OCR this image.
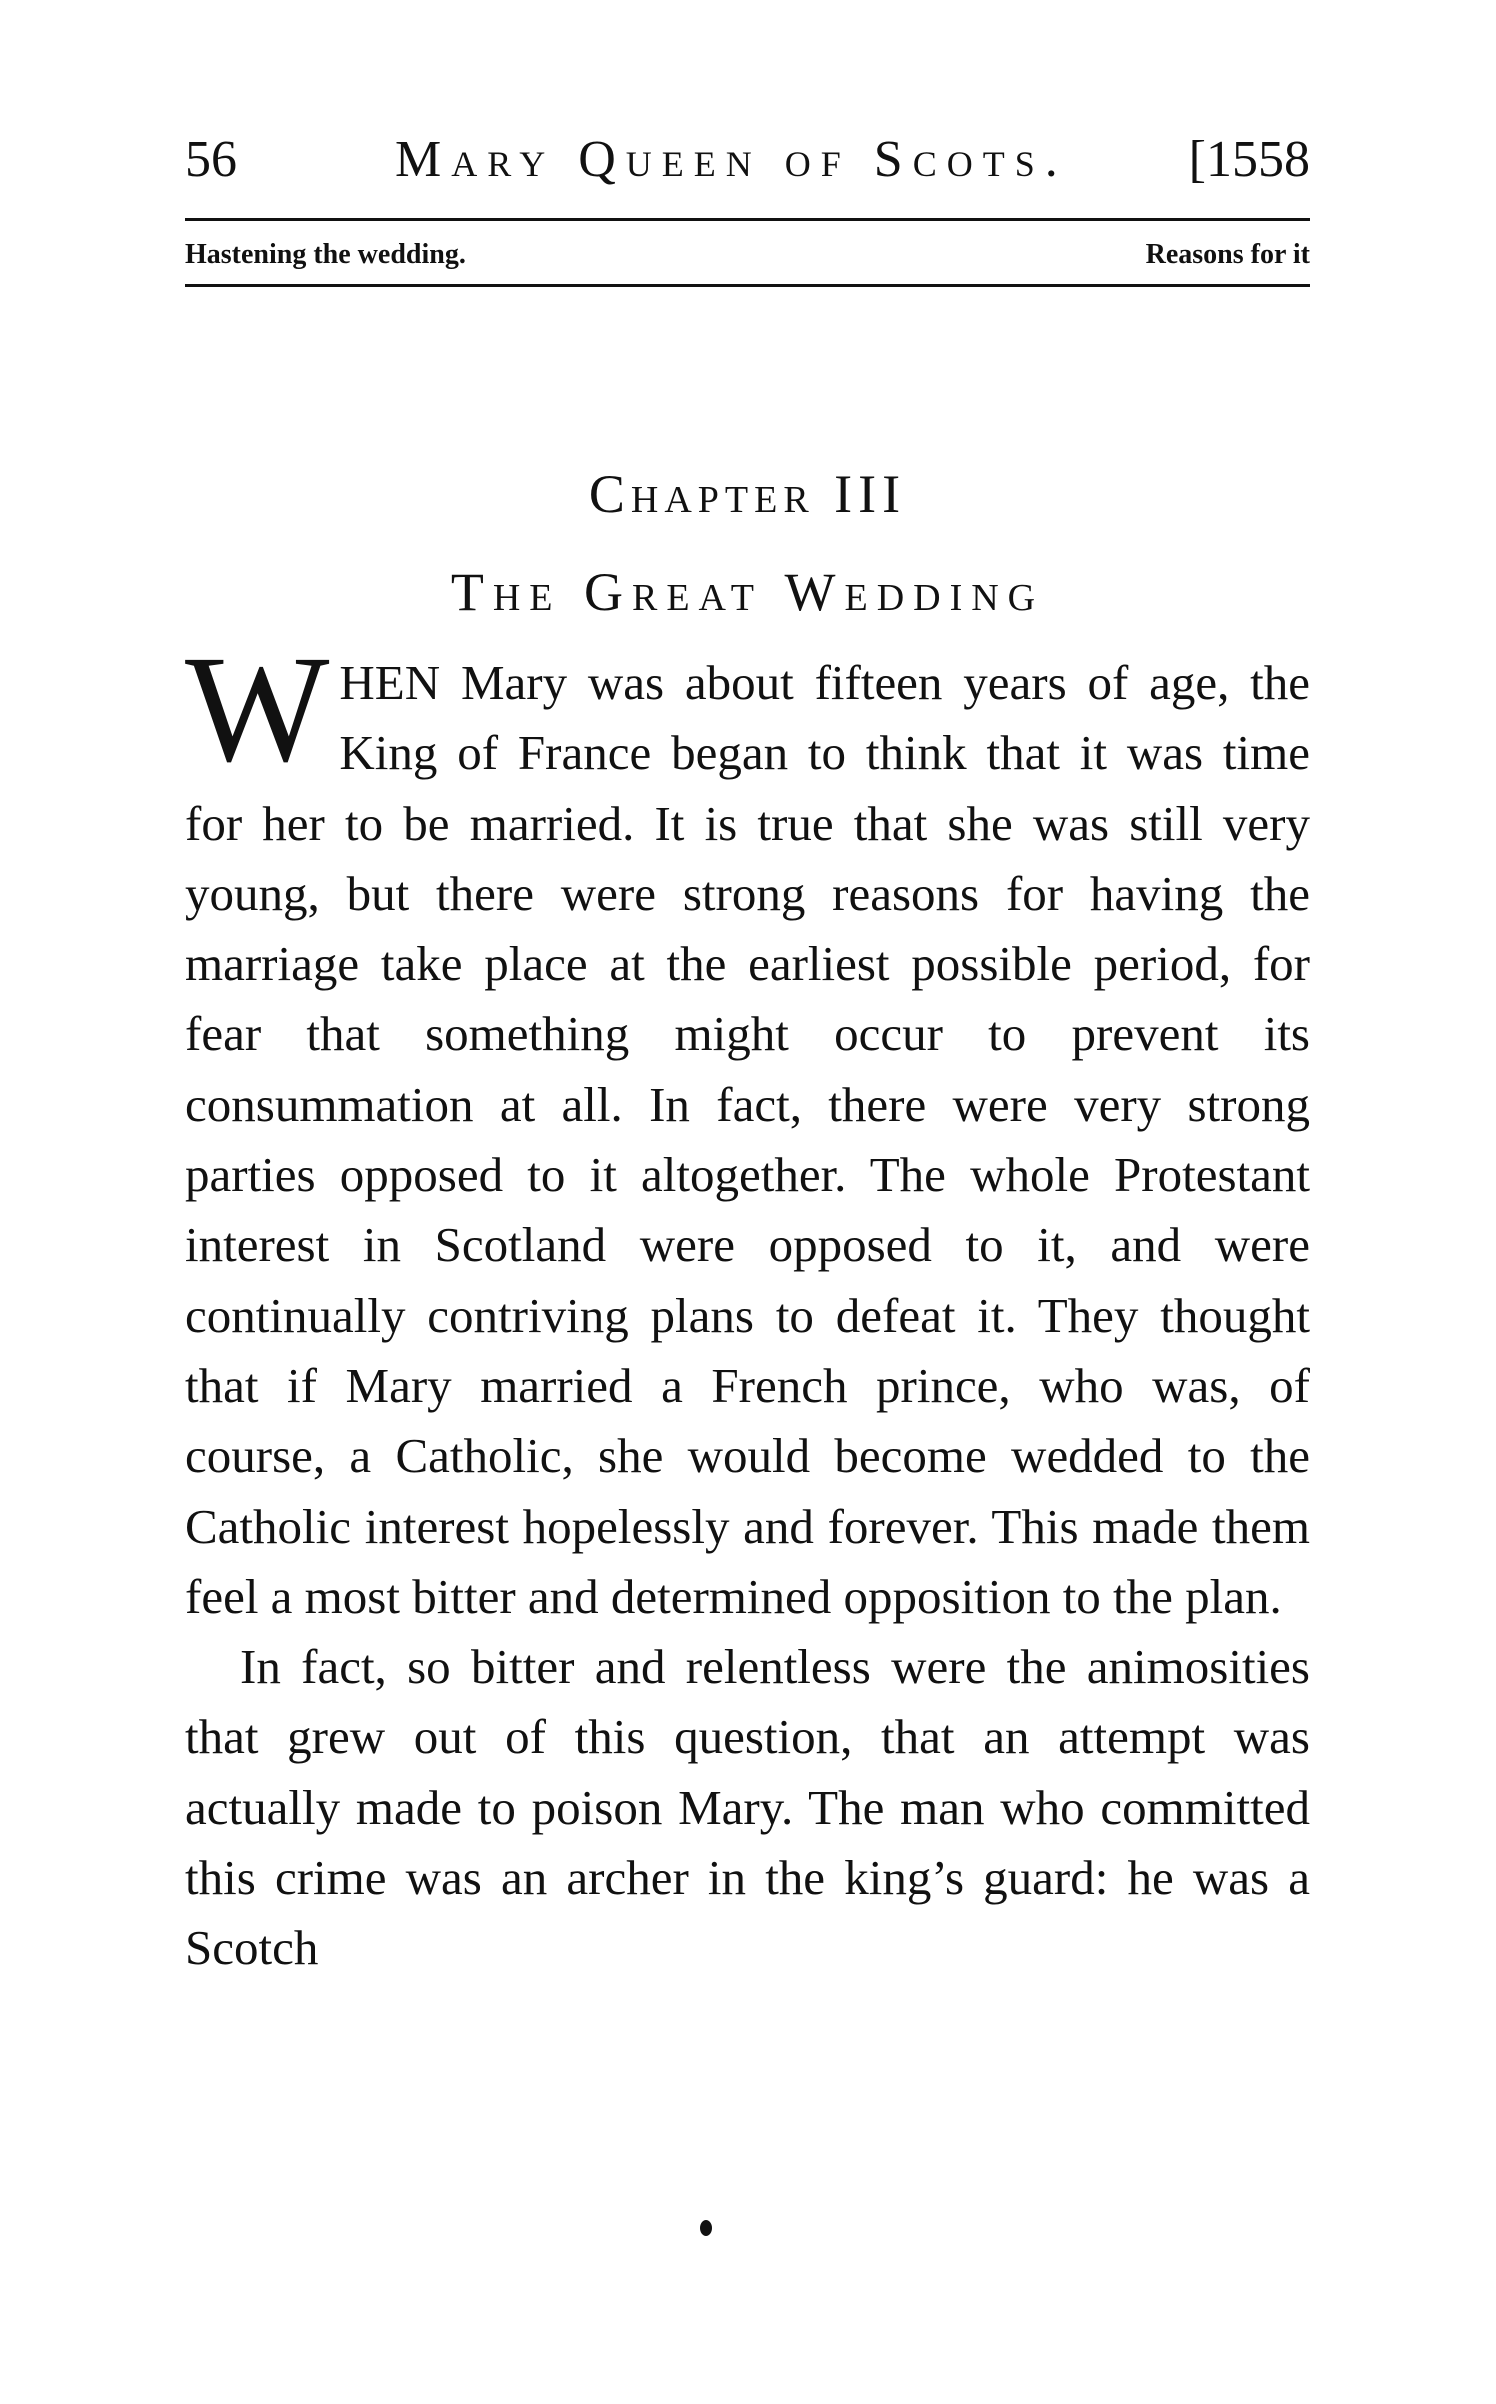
56	Mary Queen of Scots. [1558
Hastening the wedding.	Reasons for it
Chapter III
The Great Wedding

WHEN Mary was about fifteen years of age, the King of France began to think that it was time for her to be married. It is true that she was still very young, but there were strong reasons for having the marriage take place at the earliest possible period, for fear that something might occur to prevent its consummation at all. In fact, there were very strong parties opposed to it altogether. The whole Protestant interest in Scotland were opposed to it, and were continually contriving plans to defeat it. They thought that if Mary married a French prince, who was, of course, a Catholic, she would become wedded to the Catholic interest hopelessly and forever. This made them feel a most bitter and determined opposition to the plan.

In fact, so bitter and relentless were the animosities that grew out of this question, that an attempt was actually made to poison Mary. The man who committed this crime was an archer in the king’s guard: he was a Scotch
